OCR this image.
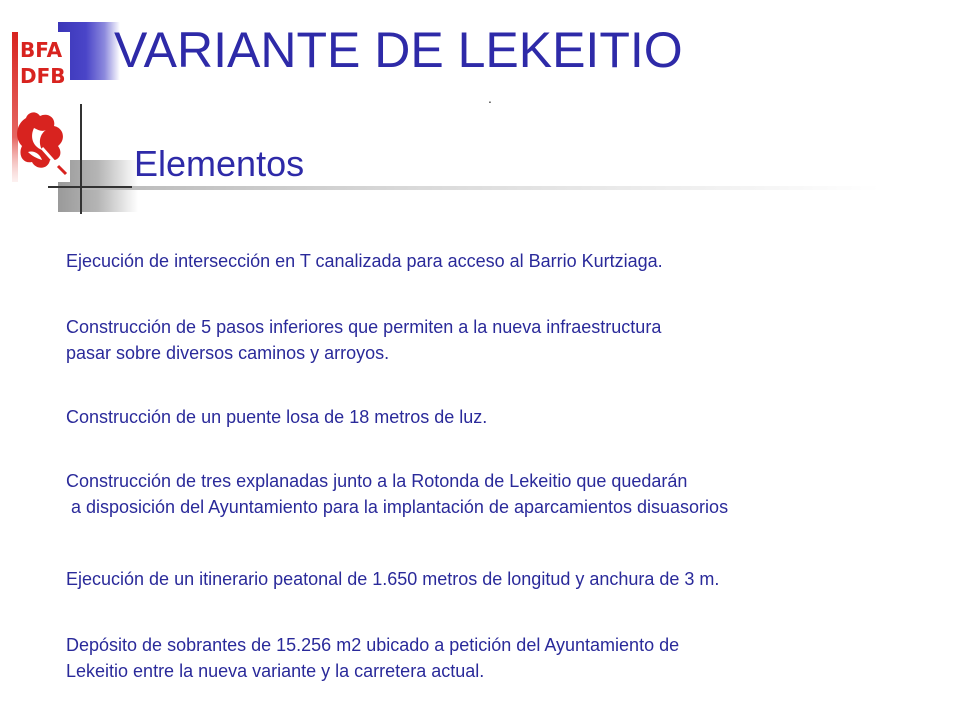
BFA
DFB VARIANTE DE LEKEITIO
.
Elementos

Ejecución de intersección en T canalizada para acceso al Barrio Kurtziaga.

Construcción de 5 pasos inferiores que permiten a la nueva infraestructura
pasar sobre diversos caminos y arroyos.

Construcción de un puente losa de 18 metros de luz.

Construcción de tres explanadas junto a la Rotonda de Lekeitio que quedarán
a disposición del Ayuntamiento para la implantación de aparcamientos disuasorios

Ejecución de un itinerario peatonal de 1.650 metros de longitud y anchura de 3 m.

Depósito de sobrantes de 15.256 m2 ubicado a petición del Ayuntamiento de
Lekeitio entre la nueva variante y la carretera actual.
